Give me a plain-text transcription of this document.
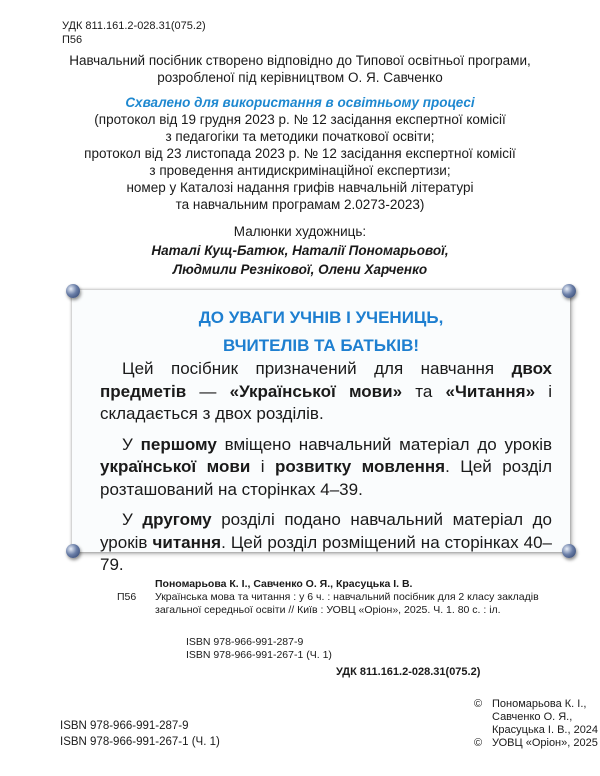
УДК 811.161.2-028.31(075.2)
П56
Навчальний посібник створено відповідно до Типової освітньої програми,
розробленої під керівництвом О. Я. Савченко
Схвалено для використання в освітньому процесі
(протокол від 19 грудня 2023 р. № 12 засідання експертної комісії
з педагогіки та методики початкової освіти;
протокол від 23 листопада 2023 р. № 12 засідання експертної комісії
з проведення антидискримінаційної експертизи;
номер у Каталозі надання грифів навчальній літературі
та навчальним програмам 2.0273-2023)
Малюнки художниць:
Наталі Кущ-Батюк, Наталії Пономарьової,
Людмили Резнікової, Олени Харченко
ДО УВАГИ УЧНІВ І УЧЕНИЦЬ,
ВЧИТЕЛІВ ТА БАТЬКІВ!

Цей посібник призначений для навчання двох предметів — «Української мови» та «Читання» і складається з двох розділів.

У першому вміщено навчальний матеріал до уроків української мови і розвитку мовлення. Цей розділ розташований на сторінках 4–39.

У другому розділі подано навчальний матеріал до уроків читання. Цей розділ розміщений на сторінках 40–79.

Пономарьова К. І., Савченко О. Я., Красуцька І. В.
П56 Українська мова та читання : у 6 ч. : навчальний посібник для 2 класу закладів загальної середньої освіти // Київ : УОВЦ «Оріон», 2025. Ч. 1. 80 с. : іл.
ISBN 978-966-991-287-9
ISBN 978-966-991-267-1 (Ч. 1)
УДК 811.161.2-028.31(075.2)
ISBN 978-966-991-287-9
ISBN 978-966-991-267-1 (Ч. 1)
© Пономарьова К. І.,
Савченко О. Я.,
Красуцька І. В., 2024
© УОВЦ «Оріон», 2025
